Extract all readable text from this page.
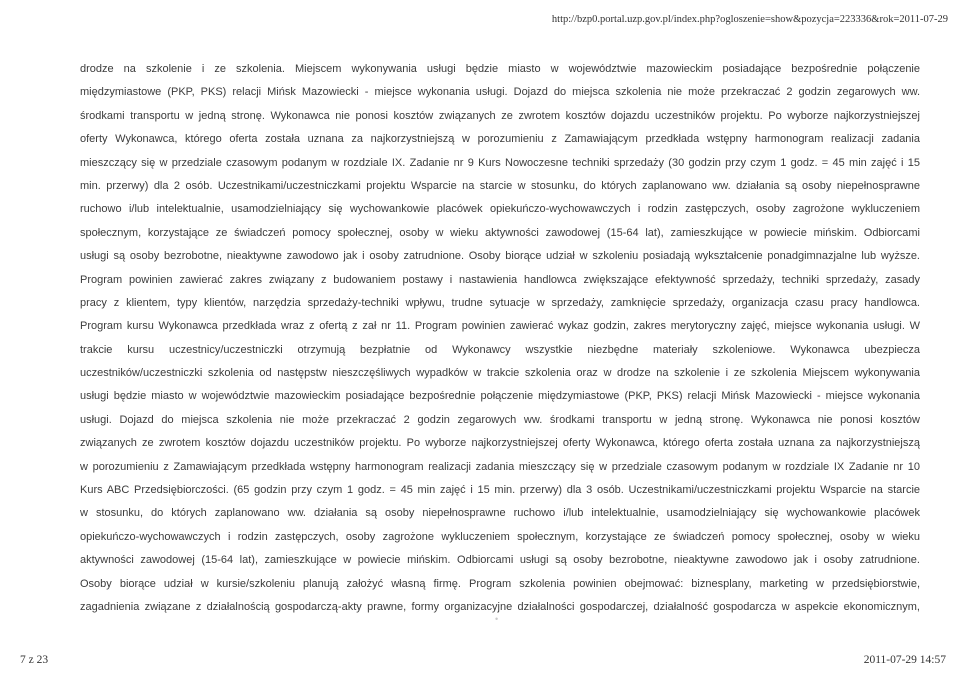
http://bzp0.portal.uzp.gov.pl/index.php?ogloszenie=show&pozycja=223336&rok=2011-07-29
drodze na szkolenie i ze szkolenia. Miejscem wykonywania usługi będzie miasto w województwie mazowieckim posiadające bezpośrednie połączenie
międzymiastowe (PKP, PKS) relacji Mińsk Mazowiecki - miejsce wykonania usługi. Dojazd do miejsca szkolenia nie może przekraczać 2 godzin zegarowych ww.
środkami transportu w jedną stronę. Wykonawca nie ponosi kosztów związanych ze zwrotem kosztów dojazdu uczestników projektu. Po wyborze najkorzystniejszej
oferty Wykonawca, którego oferta została uznana za najkorzystniejszą w porozumieniu z Zamawiającym przedkłada wstępny harmonogram realizacji zadania
mieszczący się w przedziale czasowym podanym w rozdziale IX. Zadanie nr 9 Kurs Nowoczesne techniki sprzedaży (30 godzin przy czym 1 godz. = 45 min zajęć i 15
min. przerwy) dla 2 osób. Uczestnikami/uczestniczkami projektu Wsparcie na starcie w stosunku, do których zaplanowano ww. działania są osoby niepełnosprawne
ruchowo i/lub intelektualnie, usamodzielniający się wychowankowie placówek opiekuńczo-wychowawczych i rodzin zastępczych, osoby zagrożone wykluczeniem
społecznym, korzystające ze świadczeń pomocy społecznej, osoby w wieku aktywności zawodowej (15-64 lat), zamieszkujące w powiecie mińskim. Odbiorcami
usługi są osoby bezrobotne, nieaktywne zawodowo jak i osoby zatrudnione. Osoby biorące udział w szkoleniu posiadają wykształcenie ponadgimnazjalne lub wyższe.
Program powinien zawierać zakres związany z budowaniem postawy i nastawienia handlowca zwiększające efektywność sprzedaży, techniki sprzedaży, zasady
pracy z klientem, typy klientów, narzędzia sprzedaży-techniki wpływu, trudne sytuacje w sprzedaży, zamknięcie sprzedaży, organizacja czasu pracy handlowca.
Program kursu Wykonawca przedkłada wraz z ofertą z zał nr 11. Program powinien zawierać wykaz godzin, zakres merytoryczny zajęć, miejsce wykonania usługi. W
trakcie kursu uczestnicy/uczestniczki otrzymują bezpłatnie od Wykonawcy wszystkie niezbędne materiały szkoleniowe. Wykonawca ubezpiecza
uczestników/uczestniczki szkolenia od następstw nieszczęśliwych wypadków w trakcie szkolenia oraz w drodze na szkolenie i ze szkolenia Miejscem wykonywania
usługi będzie miasto w województwie mazowieckim posiadające bezpośrednie połączenie międzymiastowe (PKP, PKS) relacji Mińsk Mazowiecki - miejsce wykonania
usługi. Dojazd do miejsca szkolenia nie może przekraczać 2 godzin zegarowych ww. środkami transportu w jedną stronę. Wykonawca nie ponosi kosztów
związanych ze zwrotem kosztów dojazdu uczestników projektu. Po wyborze najkorzystniejszej oferty Wykonawca, którego oferta została uznana za najkorzystniejszą
w porozumieniu z Zamawiającym przedkłada wstępny harmonogram realizacji zadania mieszczący się w przedziale czasowym podanym w rozdziale IX Zadanie nr 10
Kurs ABC Przedsiębiorczości. (65 godzin przy czym 1 godz. = 45 min zajęć i 15 min. przerwy) dla 3 osób. Uczestnikami/uczestniczkami projektu Wsparcie na starcie
w stosunku, do których zaplanowano ww. działania są osoby niepełnosprawne ruchowo i/lub intelektualnie, usamodzielniający się wychowankowie placówek
opiekuńczo-wychowawczych i rodzin zastępczych, osoby zagrożone wykluczeniem społecznym, korzystające ze świadczeń pomocy społecznej, osoby w wieku
aktywności zawodowej (15-64 lat), zamieszkujące w powiecie mińskim. Odbiorcami usługi są osoby bezrobotne, nieaktywne zawodowo jak i osoby zatrudnione.
Osoby biorące udział w kursie/szkoleniu planują założyć własną firmę. Program szkolenia powinien obejmować: biznesplany, marketing w przedsiębiorstwie,
zagadnienia związane z działalnością gospodarczą-akty prawne, formy organizacyjne działalności gospodarczej, działalność gospodarcza w aspekcie ekonomicznym,
•
7 z 23	2011-07-29 14:57
